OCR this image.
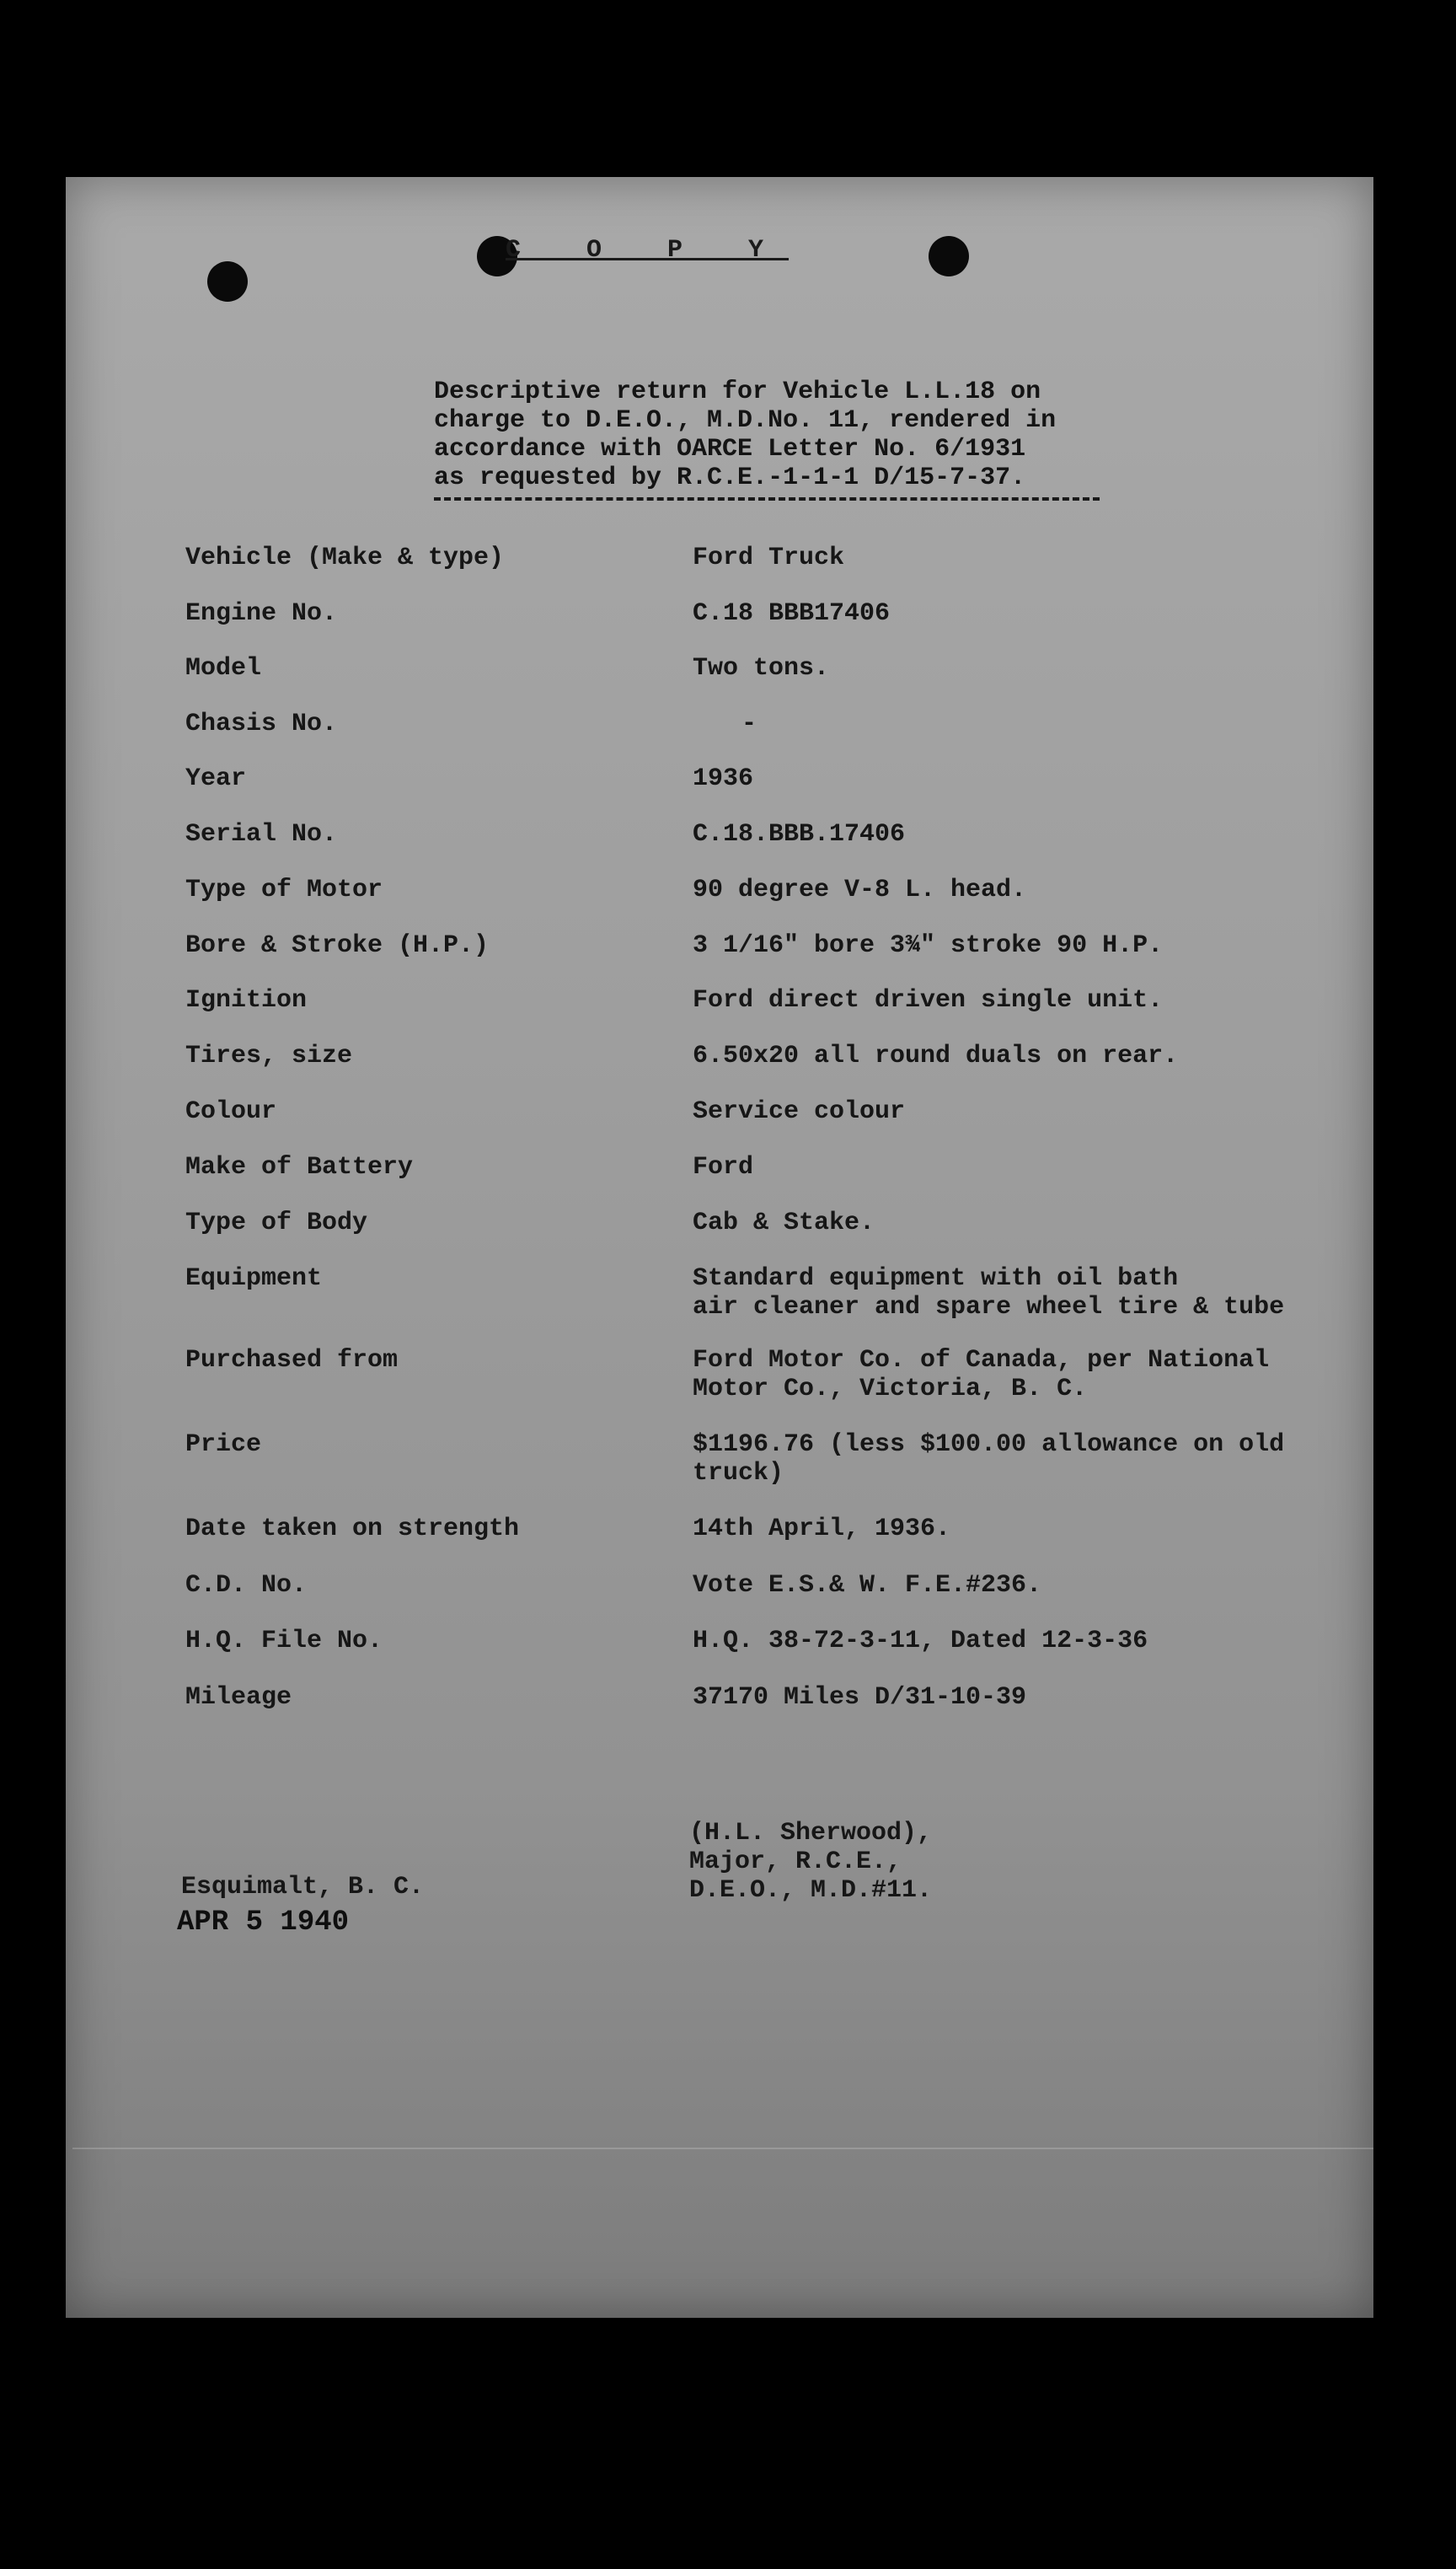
C O P Y
Descriptive return for Vehicle L.L.18 on
charge to D.E.O., M.D.No. 11, rendered in
accordance with OARCE Letter No. 6/1931
as requested by R.C.E.-1-1-1 D/15-7-37.
Vehicle (Make & type)	Ford Truck
Engine No.	C.18 BBB17406
Model	Two tons.
Chasis No.	-
Year	1936
Serial No.	C.18.BBB.17406
Type of Motor	90 degree V-8 L. head.
Bore & Stroke (H.P.)	3 1/16" bore 3¾" stroke 90 H.P.
Ignition	Ford direct driven single unit.
Tires, size	6.50x20 all round duals on rear.
Colour	Service colour
Make of Battery	Ford
Type of Body	Cab & Stake.
Equipment	Standard equipment with oil bath
air cleaner and spare wheel tire & tube
Purchased from	Ford Motor Co. of Canada, per National
Motor Co., Victoria, B. C.
Price	$1196.76 (less $100.00 allowance on old
truck)
Date taken on strength	14th April, 1936.
C.D. No.	Vote E.S.& W. F.E.#236.
H.Q. File No.	H.Q. 38-72-3-11, Dated 12-3-36
Mileage	37170 Miles D/31-10-39
(H.L. Sherwood),
Major, R.C.E.,
D.E.O., M.D.#11.
Esquimalt, B. C.
APR 5 1940
